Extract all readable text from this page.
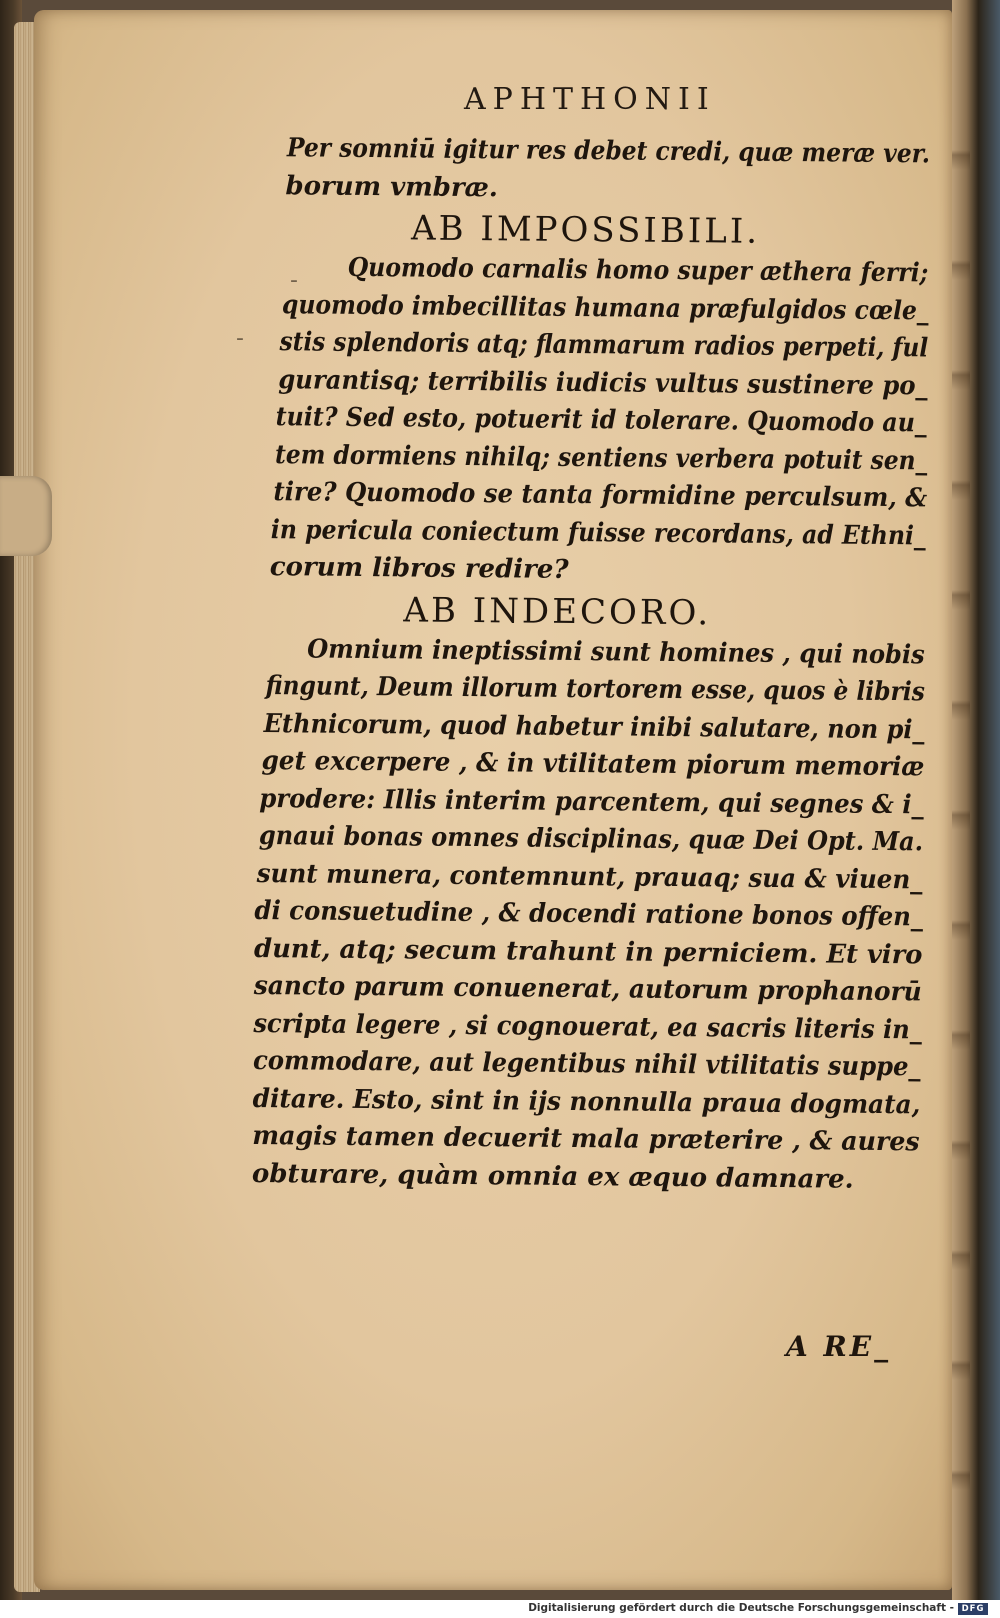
APHTHONII
-
-
Per somniū igitur res debet credi, quæ meræ ver.
borum vmbræ.
AB IMPOSSIBILI.
Quomodo carnalis homo super æthera ferri;
quomodo imbecillitas humana præfulgidos cœle_
stis splendoris atq; flammarum radios perpeti, ful
gurantisq; terribilis iudicis vultus sustinere po_
tuit? Sed esto, potuerit id tolerare. Quomodo au_
tem dormiens nihilq; sentiens verbera potuit sen_
tire? Quomodo se tanta formidine perculsum, &
in pericula coniectum fuisse recordans, ad Ethni_
corum libros redire?
AB INDECORO.
Omnium ineptissimi sunt homines , qui nobis
fingunt, Deum illorum tortorem esse, quos è libris
Ethnicorum, quod habetur inibi salutare, non pi_
get excerpere , & in vtilitatem piorum memoriæ
prodere: Illis interim parcentem, qui segnes & i_
gnaui bonas omnes disciplinas, quæ Dei Opt. Ma.
sunt munera, contemnunt, prauaq; sua & viuen_
di consuetudine , & docendi ratione bonos offen_
dunt, atq; secum trahunt in perniciem. Et viro
sancto parum conuenerat, autorum prophanorū
scripta legere , si cognouerat, ea sacris literis in_
commodare, aut legentibus nihil vtilitatis suppe_
ditare. Esto, sint in ijs nonnulla praua dogmata,
magis tamen decuerit mala præterire , & aures
obturare, quàm omnia ex æquo damnare.
A RE_
Digitalisierung gefördert durch die Deutsche Forschungsgemeinschaft - DFG
